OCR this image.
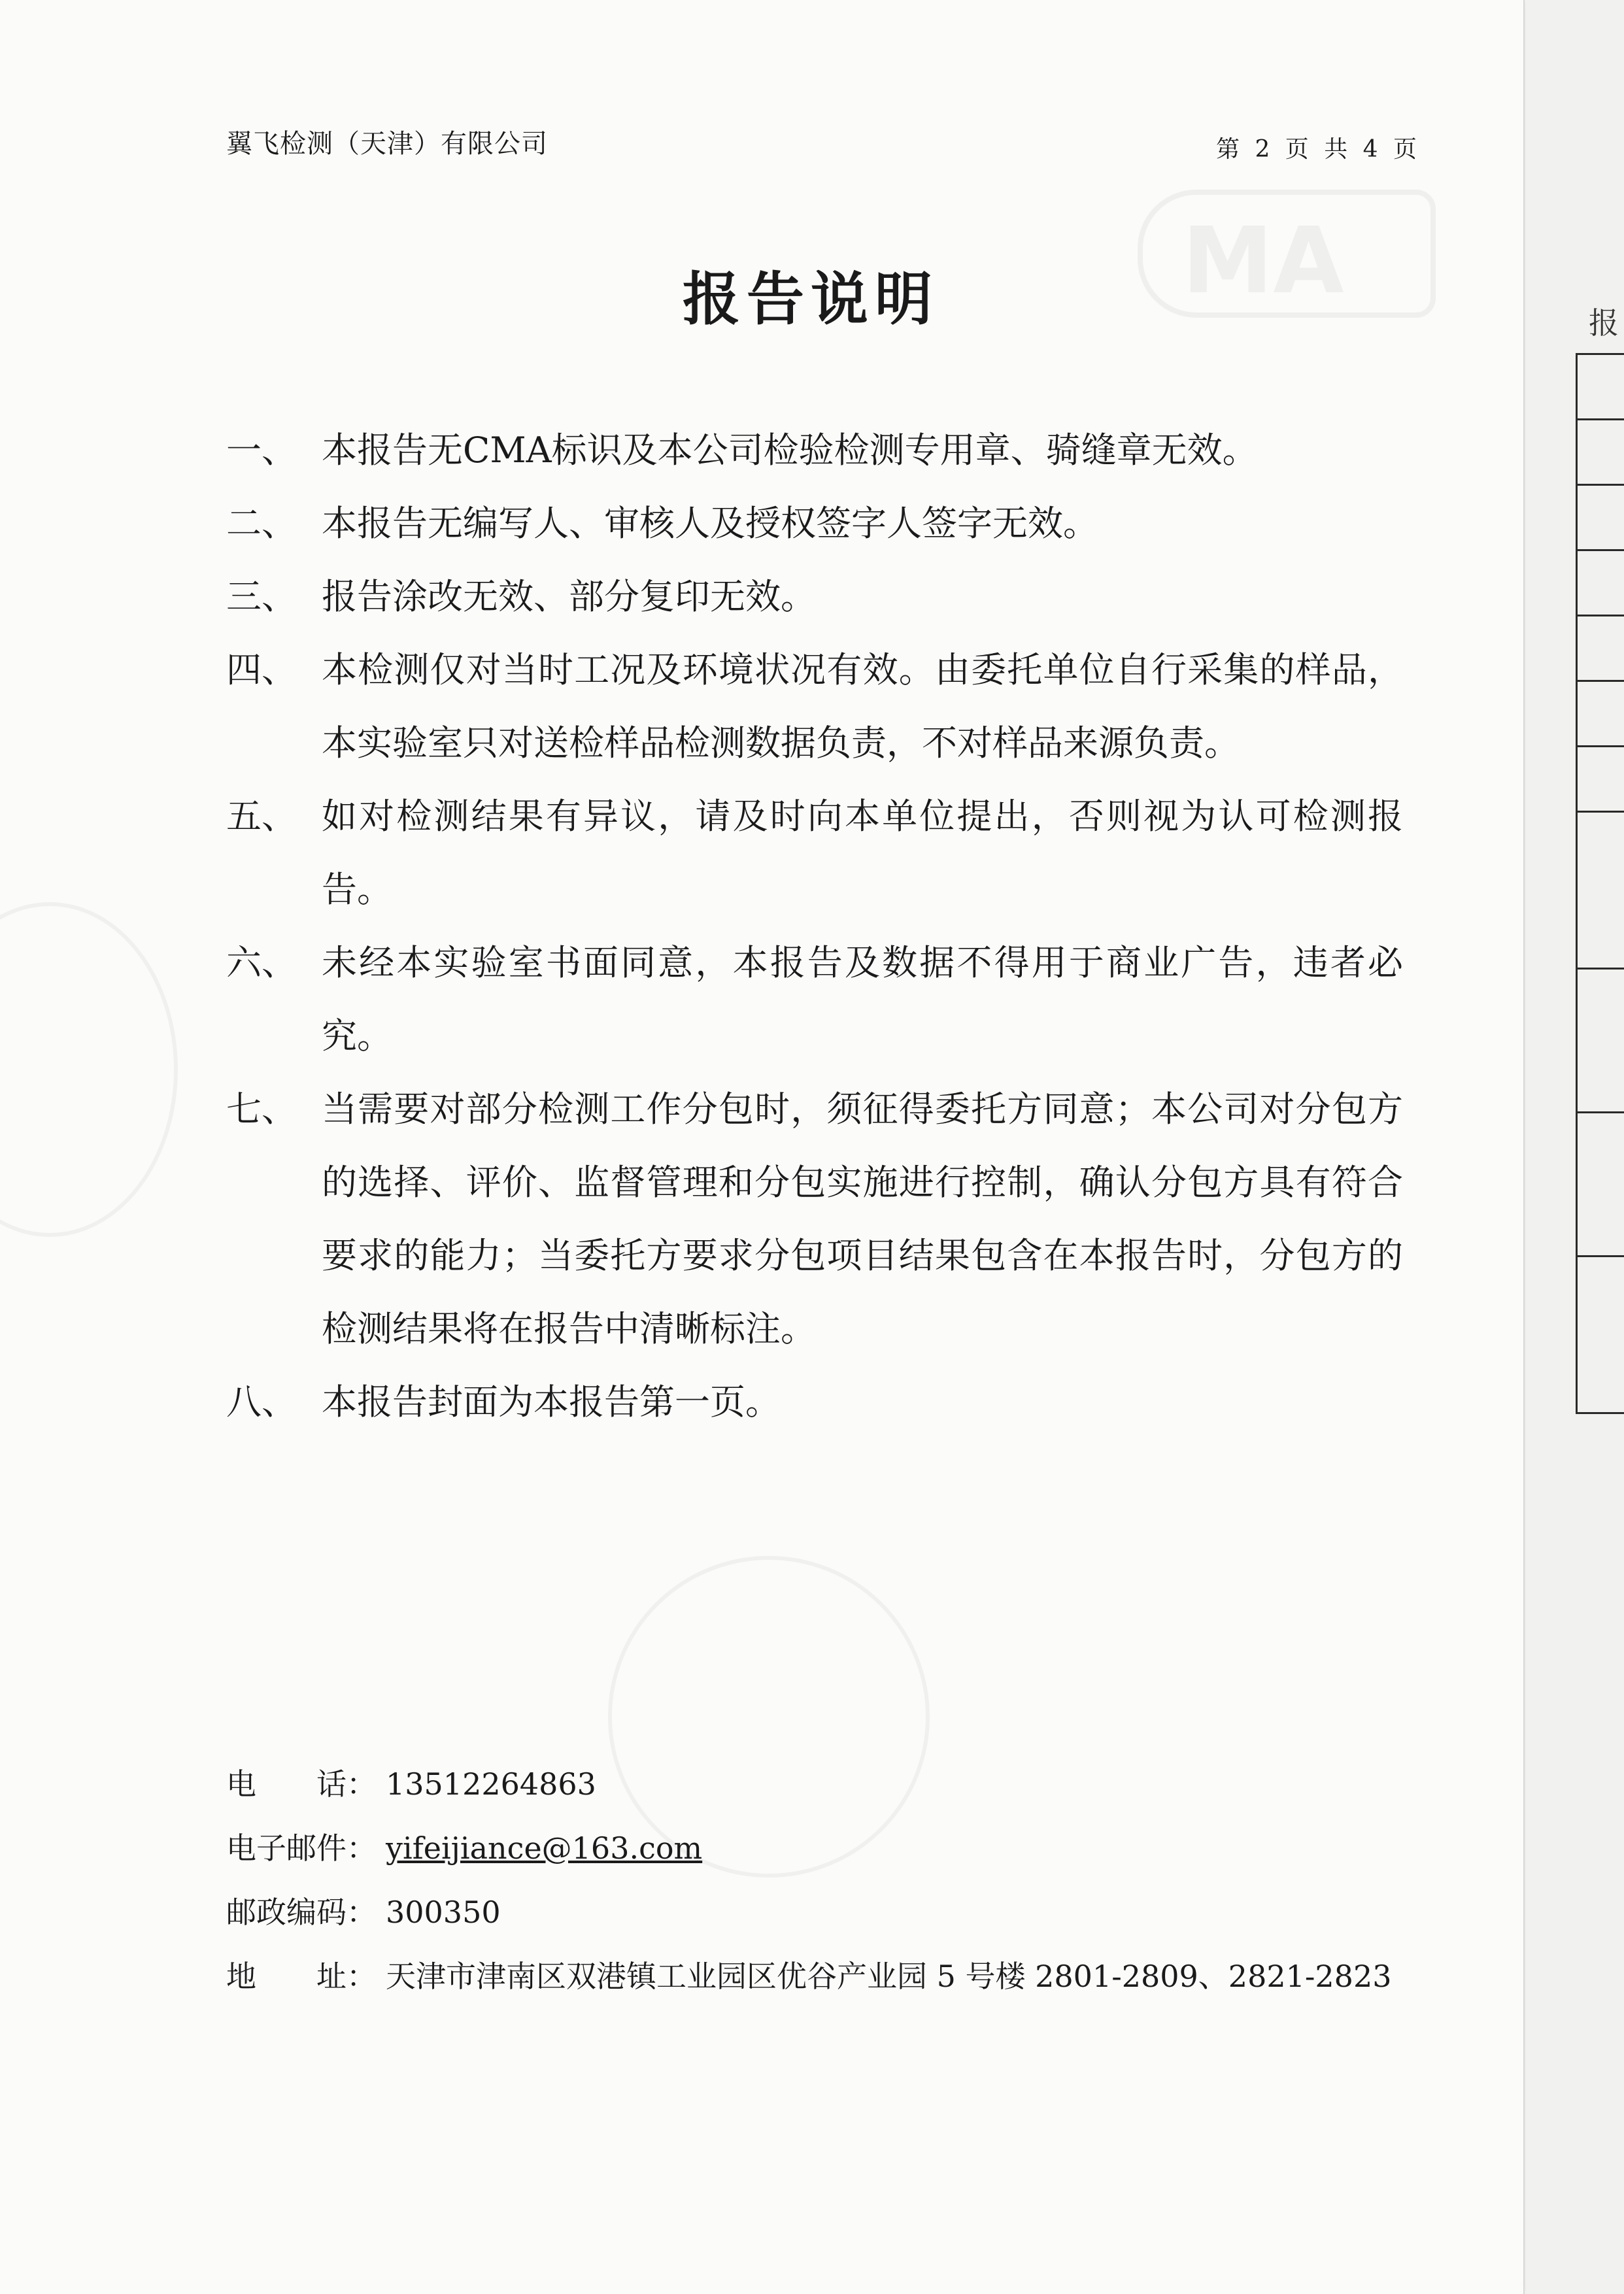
MA
翼飞检测（天津）有限公司	第 2 页 共 4 页
报告说明
一、 本报告无CMA标识及本公司检验检测专用章、骑缝章无效。
二、 本报告无编写人、审核人及授权签字人签字无效。
三、 报告涂改无效、部分复印无效。
四、 本检测仅对当时工况及环境状况有效。由委托单位自行采集的样品，本实验室只对送检样品检测数据负责，不对样品来源负责。
五、 如对检测结果有异议，请及时向本单位提出，否则视为认可检测报告。
六、 未经本实验室书面同意，本报告及数据不得用于商业广告，违者必究。
七、 当需要对部分检测工作分包时，须征得委托方同意；本公司对分包方的选择、评价、监督管理和分包实施进行控制，确认分包方具有符合要求的能力；当委托方要求分包项目结果包含在本报告时，分包方的检测结果将在报告中清晰标注。
八、 本报告封面为本报告第一页。
电　　话： 13512264863
电子邮件： yifeijiance@163.com
邮政编码： 300350
地　　址： 天津市津南区双港镇工业园区优谷产业园 5 号楼 2801-2809、2821-2823
报
